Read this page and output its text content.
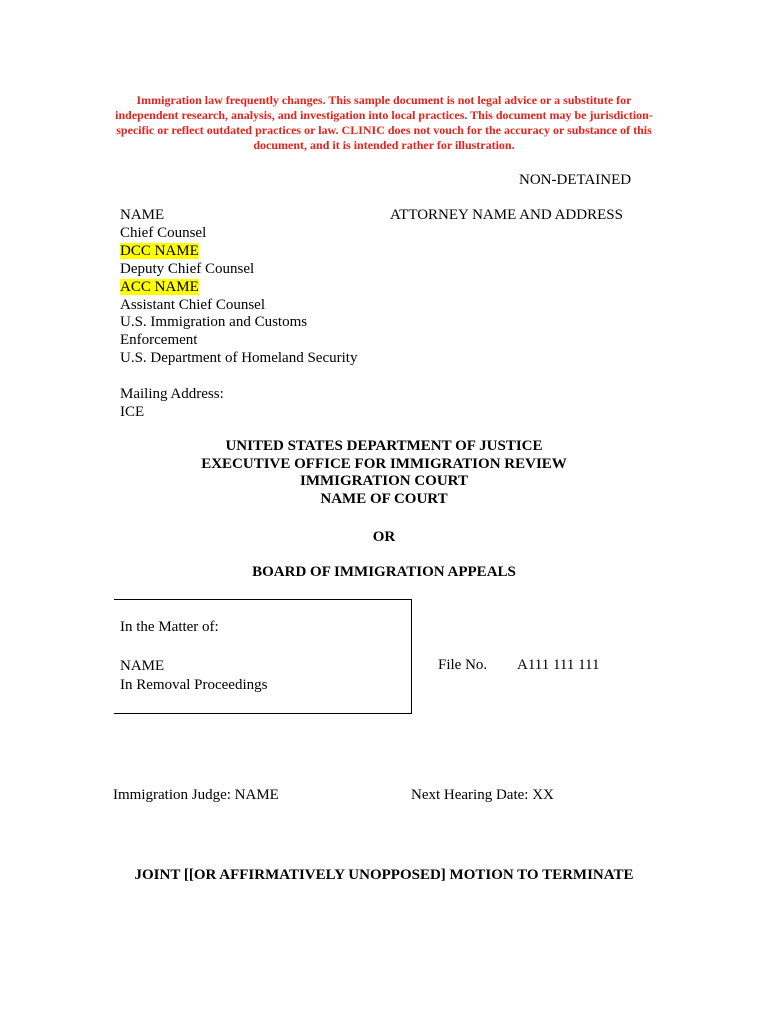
Immigration law frequently changes. This sample document is not legal advice or a substitute for independent research, analysis, and investigation into local practices. This document may be jurisdiction-specific or reflect outdated practices or law. CLINIC does not vouch for the accuracy or substance of this document, and it is intended rather for illustration.
NON-DETAINED
NAME
Chief Counsel
DCC NAME
Deputy Chief Counsel
ACC NAME
Assistant Chief Counsel
U.S. Immigration and Customs
Enforcement
U.S. Department of Homeland Security
ATTORNEY NAME AND ADDRESS
Mailing Address:
ICE
UNITED STATES DEPARTMENT OF JUSTICE
EXECUTIVE OFFICE FOR IMMIGRATION REVIEW
IMMIGRATION COURT
NAME OF COURT
OR
BOARD OF IMMIGRATION APPEALS
In the Matter of:
NAME
In Removal Proceedings
File No. A111 111 111
Immigration Judge: NAME	Next Hearing Date: XX
JOINT [[OR AFFIRMATIVELY UNOPPOSED] MOTION TO TERMINATE
